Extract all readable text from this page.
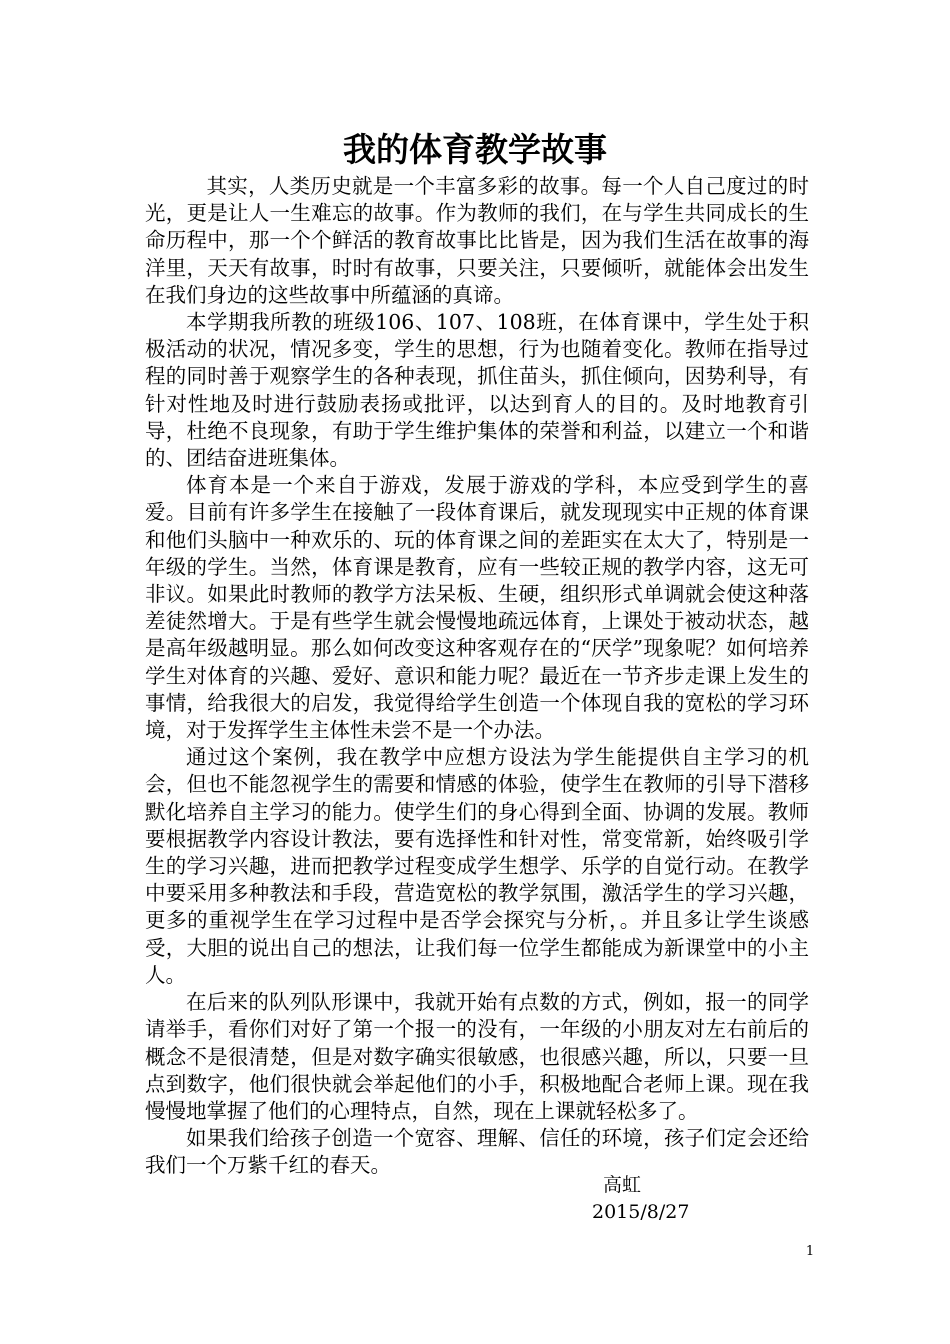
我的体育教学故事

其实，人类历史就是一个丰富多彩的故事。每一个人自己度过的时光，更是让人一生难忘的故事。作为教师的我们，在与学生共同成长的生命历程中，那一个个鲜活的教育故事比比皆是，因为我们生活在故事的海洋里，天天有故事，时时有故事，只要关注，只要倾听，就能体会出发生在我们身边的这些故事中所蕴涵的真谛。

本学期我所教的班级106、107、108班，在体育课中，学生处于积极活动的状况，情况多变，学生的思想，行为也随着变化。教师在指导过程的同时善于观察学生的各种表现，抓住苗头，抓住倾向，因势利导，有针对性地及时进行鼓励表扬或批评，以达到育人的目的。及时地教育引导，杜绝不良现象，有助于学生维护集体的荣誉和利益，以建立一个和谐的、团结奋进班集体。

体育本是一个来自于游戏，发展于游戏的学科，本应受到学生的喜爱。目前有许多学生在接触了一段体育课后，就发现现实中正规的体育课和他们头脑中一种欢乐的、玩的体育课之间的差距实在太大了，特别是一年级的学生。当然，体育课是教育，应有一些较正规的教学内容，这无可非议。如果此时教师的教学方法呆板、生硬，组织形式单调就会使这种落差徒然增大。于是有些学生就会慢慢地疏远体育，上课处于被动状态，越是高年级越明显。那么如何改变这种客观存在的“厌学”现象呢？如何培养学生对体育的兴趣、爱好、意识和能力呢？最近在一节齐步走课上发生的事情，给我很大的启发，我觉得给学生创造一个体现自我的宽松的学习环境，对于发挥学生主体性未尝不是一个办法。

通过这个案例，我在教学中应想方设法为学生能提供自主学习的机会，但也不能忽视学生的需要和情感的体验，使学生在教师的引导下潜移默化培养自主学习的能力。使学生们的身心得到全面、协调的发展。教师要根据教学内容设计教法，要有选择性和针对性，常变常新，始终吸引学生的学习兴趣，进而把教学过程变成学生想学、乐学的自觉行动。在教学中要采用多种教法和手段，营造宽松的教学氛围，激活学生的学习兴趣，更多的重视学生在学习过程中是否学会探究与分析，。并且多让学生谈感受，大胆的说出自己的想法，让我们每一位学生都能成为新课堂中的小主人。

在后来的队列队形课中，我就开始有点数的方式，例如，报一的同学请举手，看你们对好了第一个报一的没有，一年级的小朋友对左右前后的概念不是很清楚，但是对数字确实很敏感，也很感兴趣，所以，只要一旦点到数字，他们很快就会举起他们的小手，积极地配合老师上课。现在我慢慢地掌握了他们的心理特点，自然，现在上课就轻松多了。

如果我们给孩子创造一个宽容、理解、信任的环境，孩子们定会还给我们一个万紫千红的春天。

高虹
2015/8/27
1
